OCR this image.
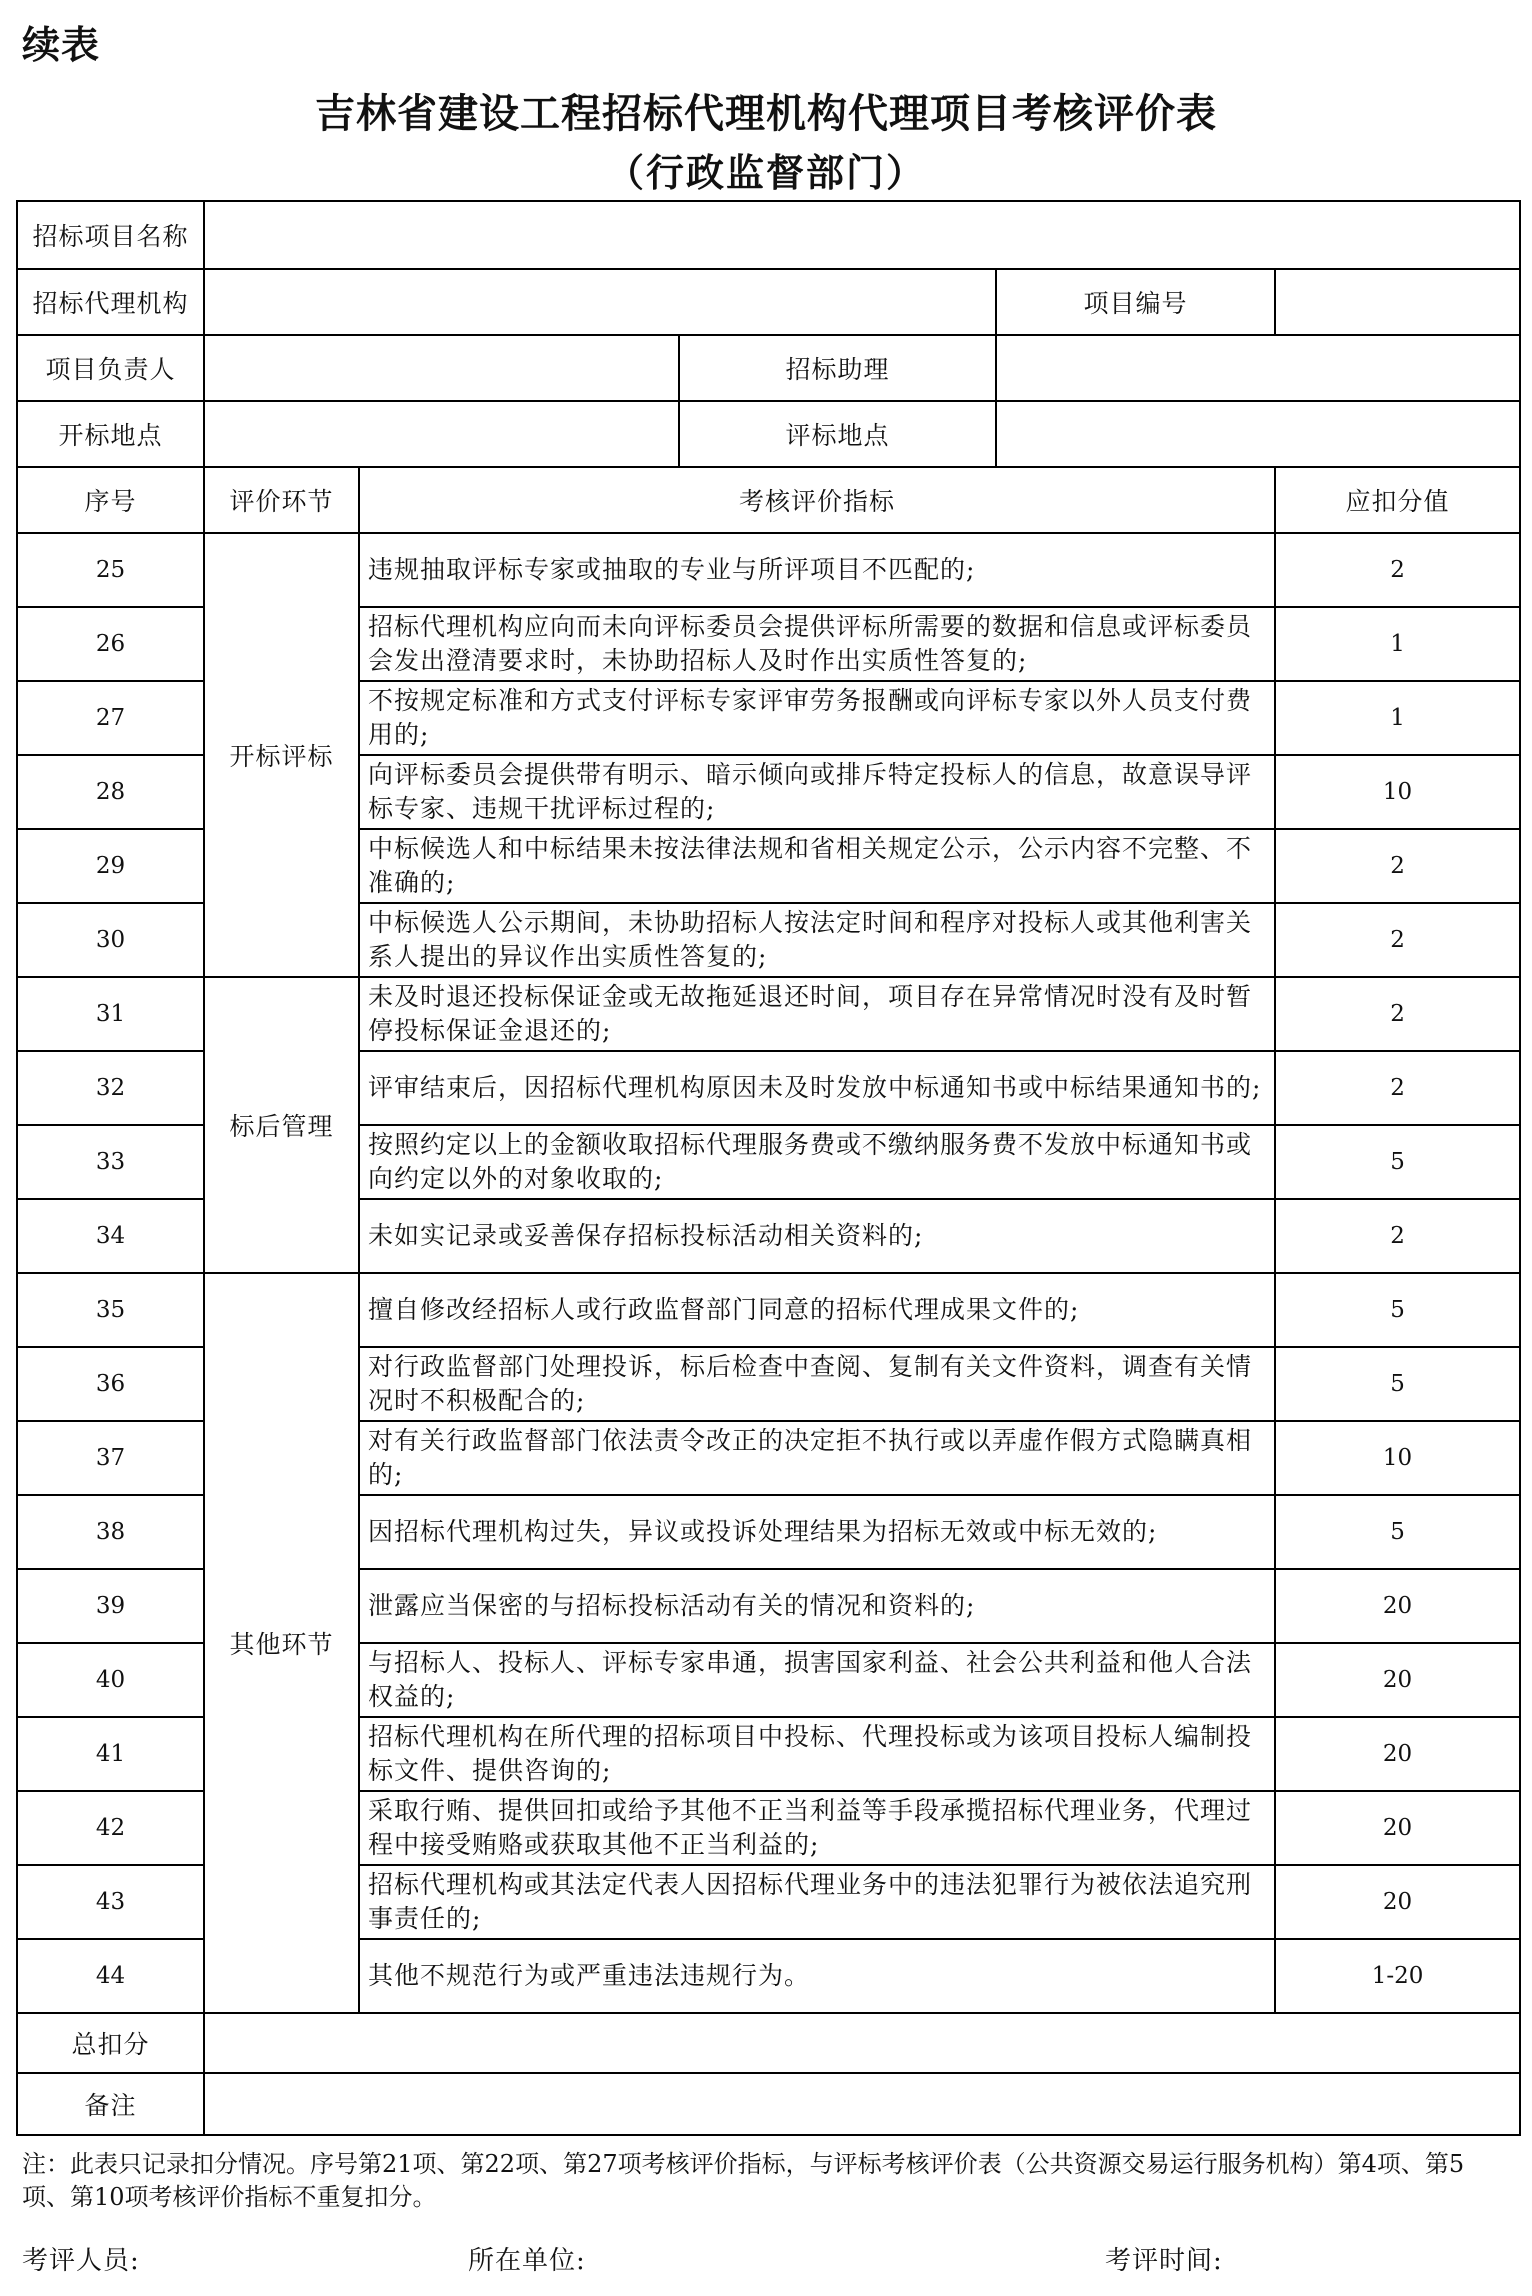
续表
吉林省建设工程招标代理机构代理项目考核评价表
（行政监督部门）
招标项目名称					
招标代理机构				项目编号	
项目负责人			招标助理		
开标地点			评标地点		
序号	评价环节	考核评价指标			应扣分值
25	开标评标	违规抽取评标专家或抽取的专业与所评项目不匹配的;			2
26		招标代理机构应向而未向评标委员会提供评标所需要的数据和信息或评标委员会发出澄清要求时，未协助招标人及时作出实质性答复的;			1
27		不按规定标准和方式支付评标专家评审劳务报酬或向评标专家以外人员支付费用的;			1
28		向评标委员会提供带有明示、暗示倾向或排斥特定投标人的信息，故意误导评标专家、违规干扰评标过程的;			10
29		中标候选人和中标结果未按法律法规和省相关规定公示，公示内容不完整、不准确的;			2
30		中标候选人公示期间，未协助招标人按法定时间和程序对投标人或其他利害关系人提出的异议作出实质性答复的;			2
31	标后管理	未及时退还投标保证金或无故拖延退还时间，项目存在异常情况时没有及时暂停投标保证金退还的;			2
32		评审结束后，因招标代理机构原因未及时发放中标通知书或中标结果通知书的;			2
33		按照约定以上的金额收取招标代理服务费或不缴纳服务费不发放中标通知书或向约定以外的对象收取的;			5
34		未如实记录或妥善保存招标投标活动相关资料的;			2
35	其他环节	擅自修改经招标人或行政监督部门同意的招标代理成果文件的;			5
36		对行政监督部门处理投诉，标后检查中查阅、复制有关文件资料，调查有关情况时不积极配合的;			5
37		对有关行政监督部门依法责令改正的决定拒不执行或以弄虚作假方式隐瞒真相的;			10
38		因招标代理机构过失，异议或投诉处理结果为招标无效或中标无效的;			5
39		泄露应当保密的与招标投标活动有关的情况和资料的;			20
40		与招标人、投标人、评标专家串通，损害国家利益、社会公共利益和他人合法权益的;			20
41		招标代理机构在所代理的招标项目中投标、代理投标或为该项目投标人编制投标文件、提供咨询的;			20
42		采取行贿、提供回扣或给予其他不正当利益等手段承揽招标代理业务，代理过程中接受贿赂或获取其他不正当利益的;			20
43		招标代理机构或其法定代表人因招标代理业务中的违法犯罪行为被依法追究刑事责任的;			20
44		其他不规范行为或严重违法违规行为。			1-20
总扣分					
备注					
注：此表只记录扣分情况。序号第21项、第22项、第27项考核评价指标，与评标考核评价表（公共资源交易运行服务机构）第4项、第5项、第10项考核评价指标不重复扣分。
考评人员:	所在单位:	考评时间:
